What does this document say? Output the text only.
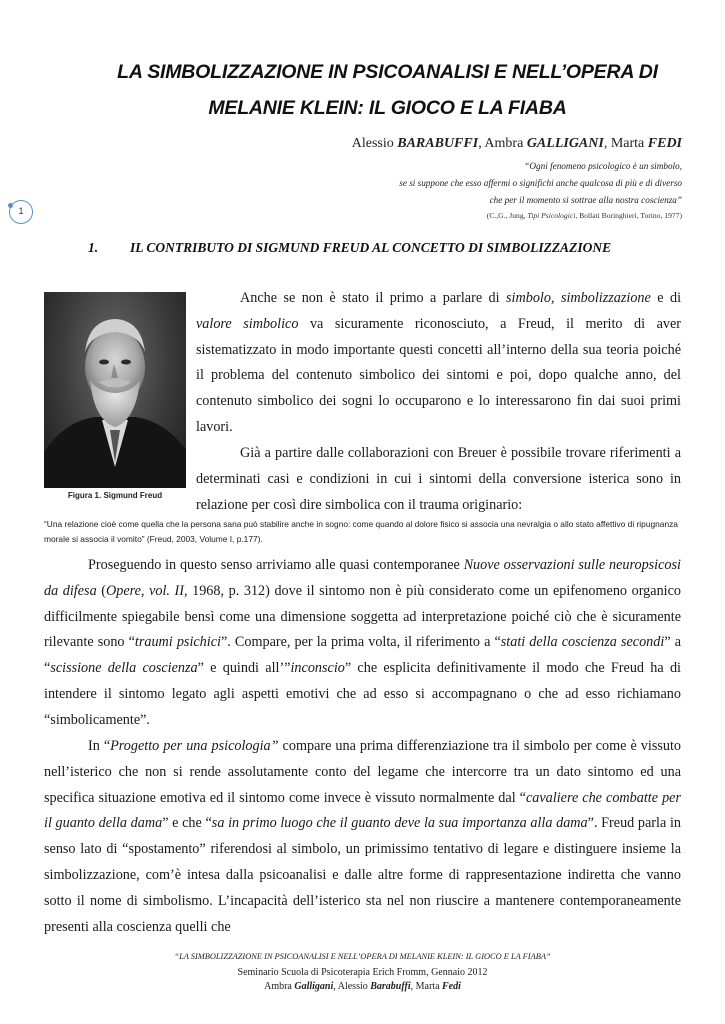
LA SIMBOLIZZAZIONE IN PSICOANALISI E NELL’OPERA DI
MELANIE KLEIN: IL GIOCO E LA FIABA
Alessio BARABUFFI, Ambra GALLIGANI, Marta FEDI
“Ogni fenomeno psicologico è un simbolo,
se si suppone che esso affermi o significhi anche qualcosa di più e di diverso
che per il momento si sottrae alla nostra coscienza”
(C.,G., Jung, Tipi Psicologici, Bollati Boringhieri, Torino, 1977)
1
1. IL CONTRIBUTO DI SIGMUND FREUD AL CONCETTO DI SIMBOLIZZAZIONE
Figura 1. Sigmund Freud

Anche se non è stato il primo a parlare di simbolo, simbolizzazione e di valore simbolico va sicuramente riconosciuto, a Freud, il merito di aver sistematizzato in modo importante questi concetti all’interno della sua teoria poiché il problema del contenuto simbolico dei sintomi e poi, dopo qualche anno, del contenuto simbolico dei sogni lo occuparono e lo interessarono fin dai suoi primi lavori.

Già a partire dalle collaborazioni con Breuer è possibile trovare riferimenti a determinati casi e condizioni in cui i sintomi della conversione isterica sono in relazione per così dire simbolica con il trauma originario:

“Una relazione cioè come quella che la persona sana può stabilire anche in sogno: come quando al dolore fisico si associa una nevralgia o allo stato affettivo di ripugnanza morale si associa il vomito” (Freud, 2003, Volume I, p.177).

Proseguendo in questo senso arriviamo alle quasi contemporanee Nuove osservazioni sulle neuropsicosi da difesa (Opere, vol. II, 1968, p. 312) dove il sintomo non è più considerato come un epifenomeno organico difficilmente spiegabile bensì come una dimensione soggetta ad interpretazione poiché ciò che è sicuramente rilevante sono “traumi psichici”. Compare, per la prima volta, il riferimento a “stati della coscienza secondi” a “scissione della coscienza” e quindi all’”inconscio” che esplicita definitivamente il modo che Freud ha di intendere il sintomo legato agli aspetti emotivi che ad esso si accompagnano o che ad esso richiamano “simbolicamente”.

In “Progetto per una psicologia” compare una prima differenziazione tra il simbolo per come è vissuto nell’isterico che non si rende assolutamente conto del legame che intercorre tra un dato sintomo ed una specifica situazione emotiva ed il sintomo come invece è vissuto normalmente dal “cavaliere che combatte per il guanto della dama” e che “sa in primo luogo che il guanto deve la sua importanza alla dama”. Freud parla in senso lato di “spostamento” riferendosi al simbolo, un primissimo tentativo di legare e distinguere insieme la simbolizzazione, com’è intesa dalla psicoanalisi e dalle altre forme di rappresentazione indiretta che vanno sotto il nome di simbolismo. L’incapacità dell’isterico sta nel non riuscire a mantenere contemporaneamente presenti alla coscienza quelli che

“LA SIMBOLIZZAZIONE IN PSICOANALISI E NELL’OPERA DI MELANIE KLEIN: IL GIOCO E LA FIABA”

Seminario Scuola di Psicoterapia Erich Fromm, Gennaio 2012

Ambra Galligani, Alessio Barabuffi, Marta Fedi
